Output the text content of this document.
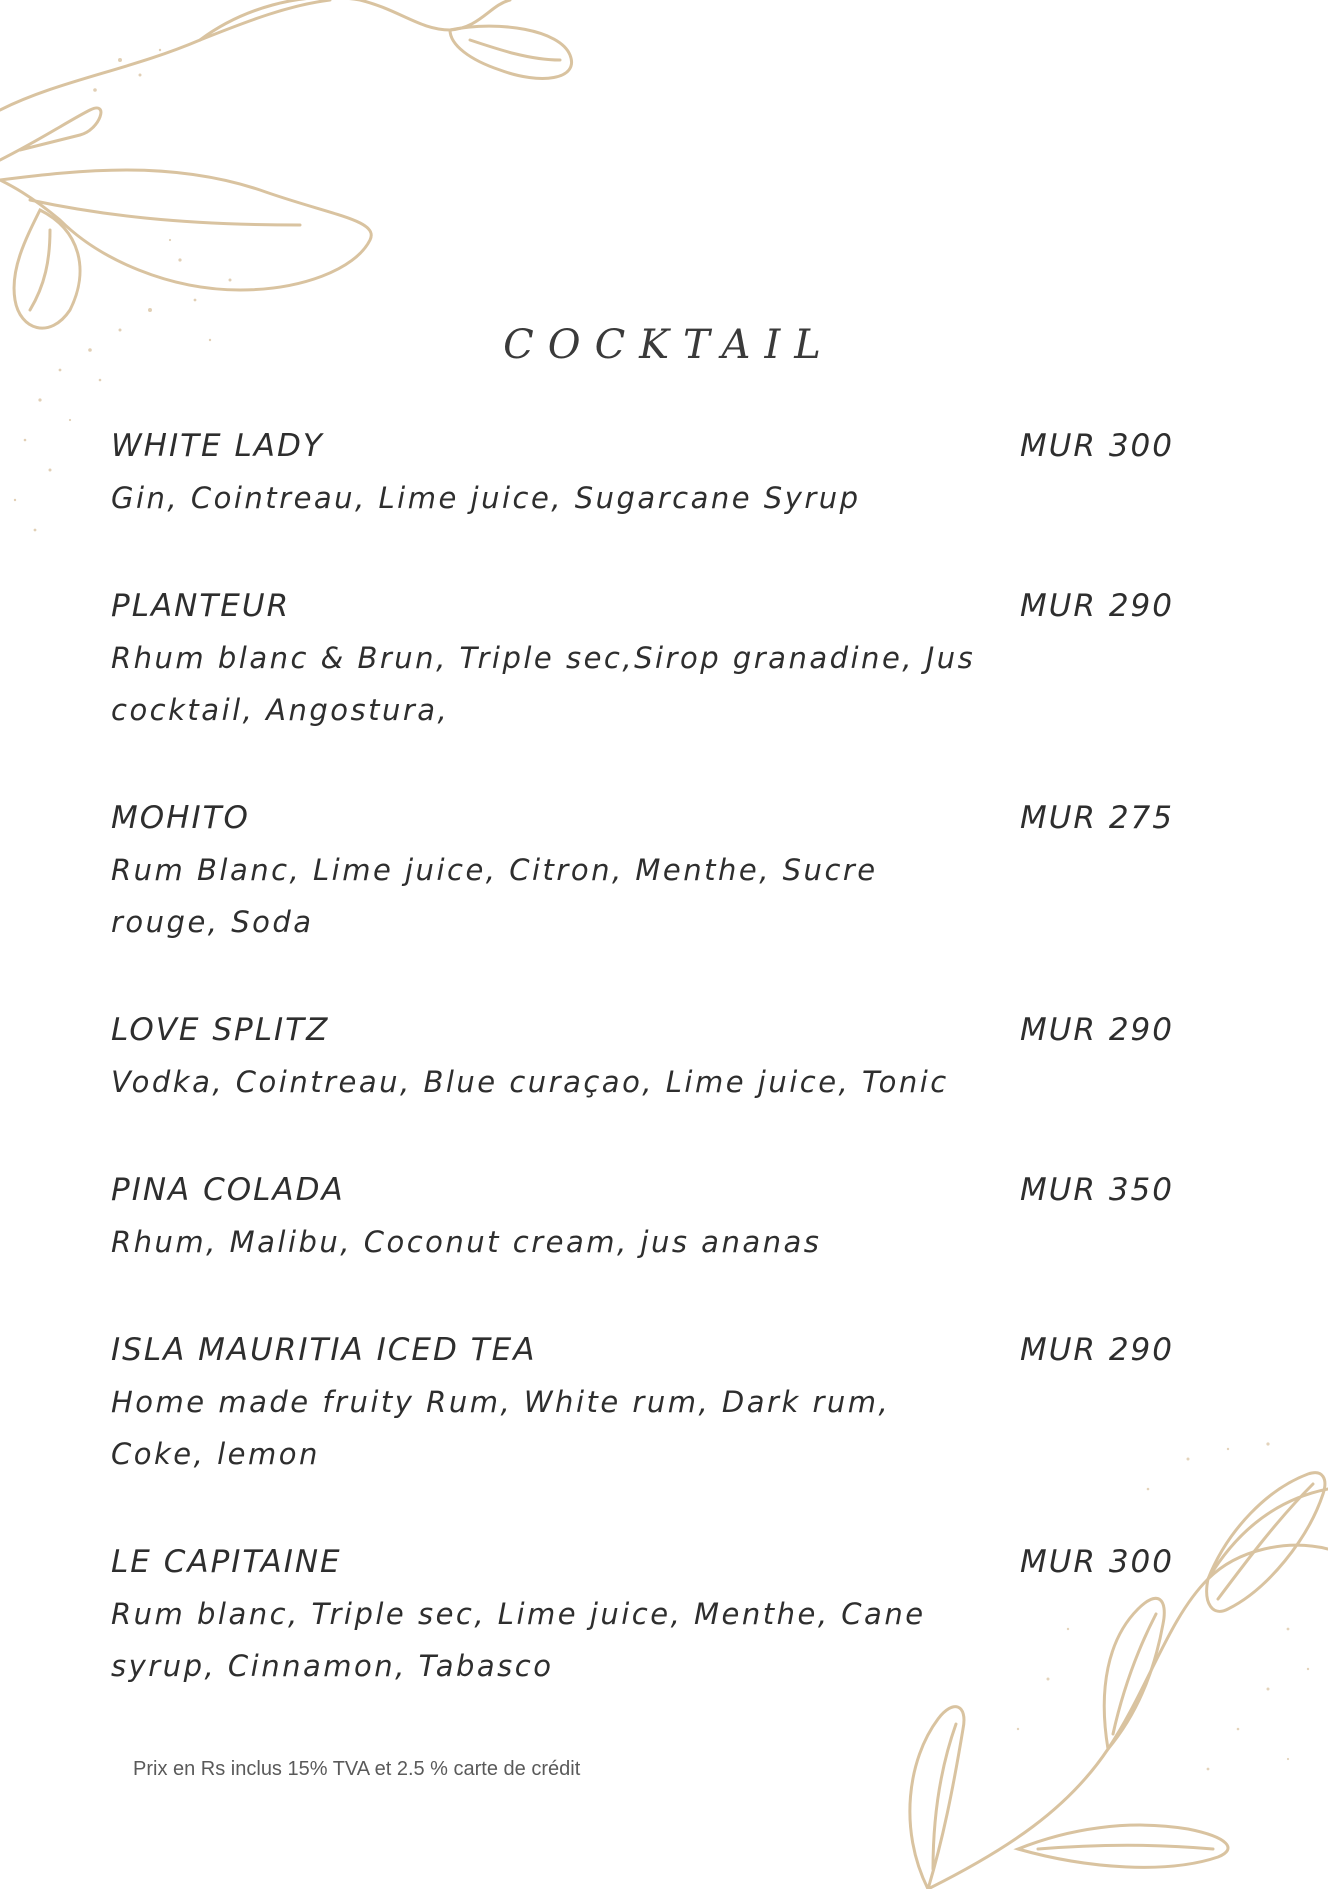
COCKTAIL
WHITE LADY	MUR 300
Gin, Cointreau, Lime juice, Sugarcane Syrup
PLANTEUR	MUR 290
Rhum blanc & Brun, Triple sec,Sirop granadine, Jus cocktail, Angostura,
MOHITO	MUR 275
Rum Blanc, Lime juice, Citron, Menthe, Sucre rouge, Soda
LOVE SPLITZ	MUR 290
Vodka, Cointreau, Blue curaçao, Lime juice, Tonic
PINA COLADA	MUR 350
Rhum, Malibu, Coconut cream, jus ananas
ISLA MAURITIA ICED TEA	MUR 290
Home made fruity Rum, White rum, Dark rum, Coke, lemon
LE CAPITAINE	MUR 300
Rum blanc, Triple sec, Lime juice, Menthe, Cane syrup, Cinnamon, Tabasco
Prix en Rs inclus 15% TVA et 2.5 % carte de crédit
